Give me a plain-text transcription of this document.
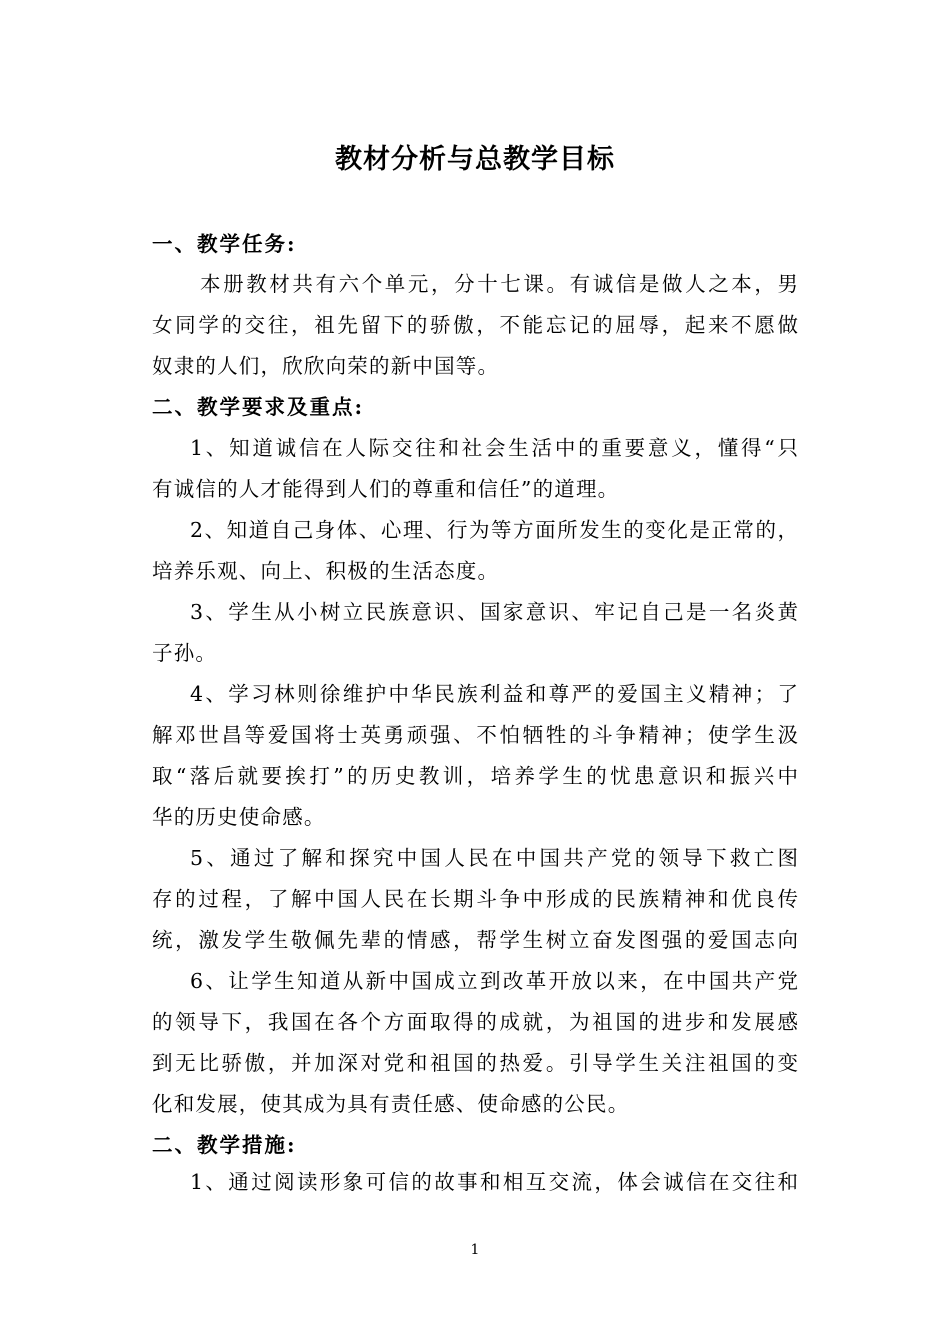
教材分析与总教学目标
一、教学任务:
本册教材共有六个单元，分十七课。有诚信是做人之本，男
女同学的交往，祖先留下的骄傲，不能忘记的屈辱，起来不愿做
奴隶的人们，欣欣向荣的新中国等。
二、教学要求及重点:
1、知道诚信在人际交往和社会生活中的重要意义，懂得“只
有诚信的人才能得到人们的尊重和信任”的道理。
2、知道自己身体、心理、行为等方面所发生的变化是正常的，
培养乐观、向上、积极的生活态度。
3、学生从小树立民族意识、国家意识、牢记自己是一名炎黄
子孙。
4、学习林则徐维护中华民族利益和尊严的爱国主义精神；了
解邓世昌等爱国将士英勇顽强、不怕牺牲的斗争精神；使学生汲
取“落后就要挨打”的历史教训，培养学生的忧患意识和振兴中
华的历史使命感。
5、通过了解和探究中国人民在中国共产党的领导下救亡图
存的过程，了解中国人民在长期斗争中形成的民族精神和优良传
统，激发学生敬佩先辈的情感，帮学生树立奋发图强的爱国志向
6、让学生知道从新中国成立到改革开放以来，在中国共产党
的领导下，我国在各个方面取得的成就，为祖国的进步和发展感
到无比骄傲，并加深对党和祖国的热爱。引导学生关注祖国的变
化和发展，使其成为具有责任感、使命感的公民。
二、教学措施:
1、通过阅读形象可信的故事和相互交流，体会诚信在交往和
1
